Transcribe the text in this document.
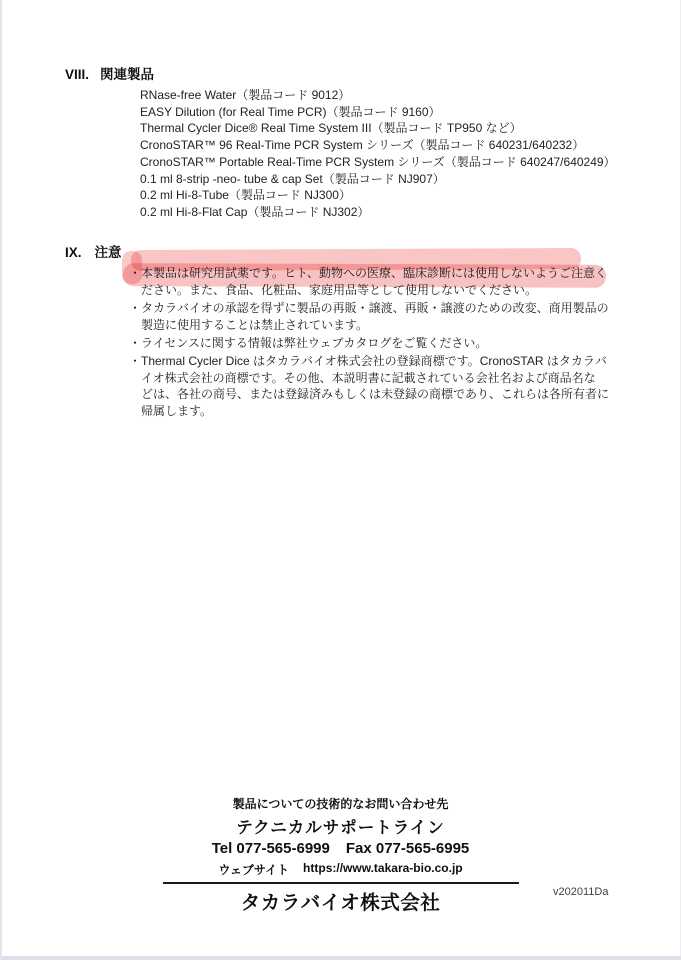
VIII. 関連製品
RNase-free Water（製品コード 9012）
EASY Dilution (for Real Time PCR)（製品コード 9160）
Thermal Cycler Dice® Real Time System III（製品コード TP950 など）
CronoSTAR™ 96 Real-Time PCR System シリーズ（製品コード 640231/640232）
CronoSTAR™ Portable Real-Time PCR System シリーズ（製品コード 640247/640249）
0.1 ml 8-strip -neo- tube & cap Set（製品コード NJ907）
0.2 ml Hi-8-Tube（製品コード NJ300）
0.2 ml Hi-8-Flat Cap（製品コード NJ302）
IX. 注意
・ 本製品は研究用試薬です。ヒト、動物への医療、臨床診断には使用しないようご注意く
ださい。また、食品、化粧品、家庭用品等として使用しないでください。
・ タカラバイオの承認を得ずに製品の再販・譲渡、再販・譲渡のための改変、商用製品の
製造に使用することは禁止されています。
・ ライセンスに関する情報は弊社ウェブカタログをご覧ください。
・ Thermal Cycler Dice はタカラバイオ株式会社の登録商標です。CronoSTAR はタカラバ
イオ株式会社の商標です。その他、本説明書に記載されている会社名および商品名な
どは、各社の商号、または登録済みもしくは未登録の商標であり、これらは各所有者に
帰属します。
製品についての技術的なお問い合わせ先
テクニカルサポートライン
Tel 077-565-6999 Fax 077-565-6995
ウェブサイト https://www.takara-bio.co.jp
タカラバイオ株式会社	v202011Da
